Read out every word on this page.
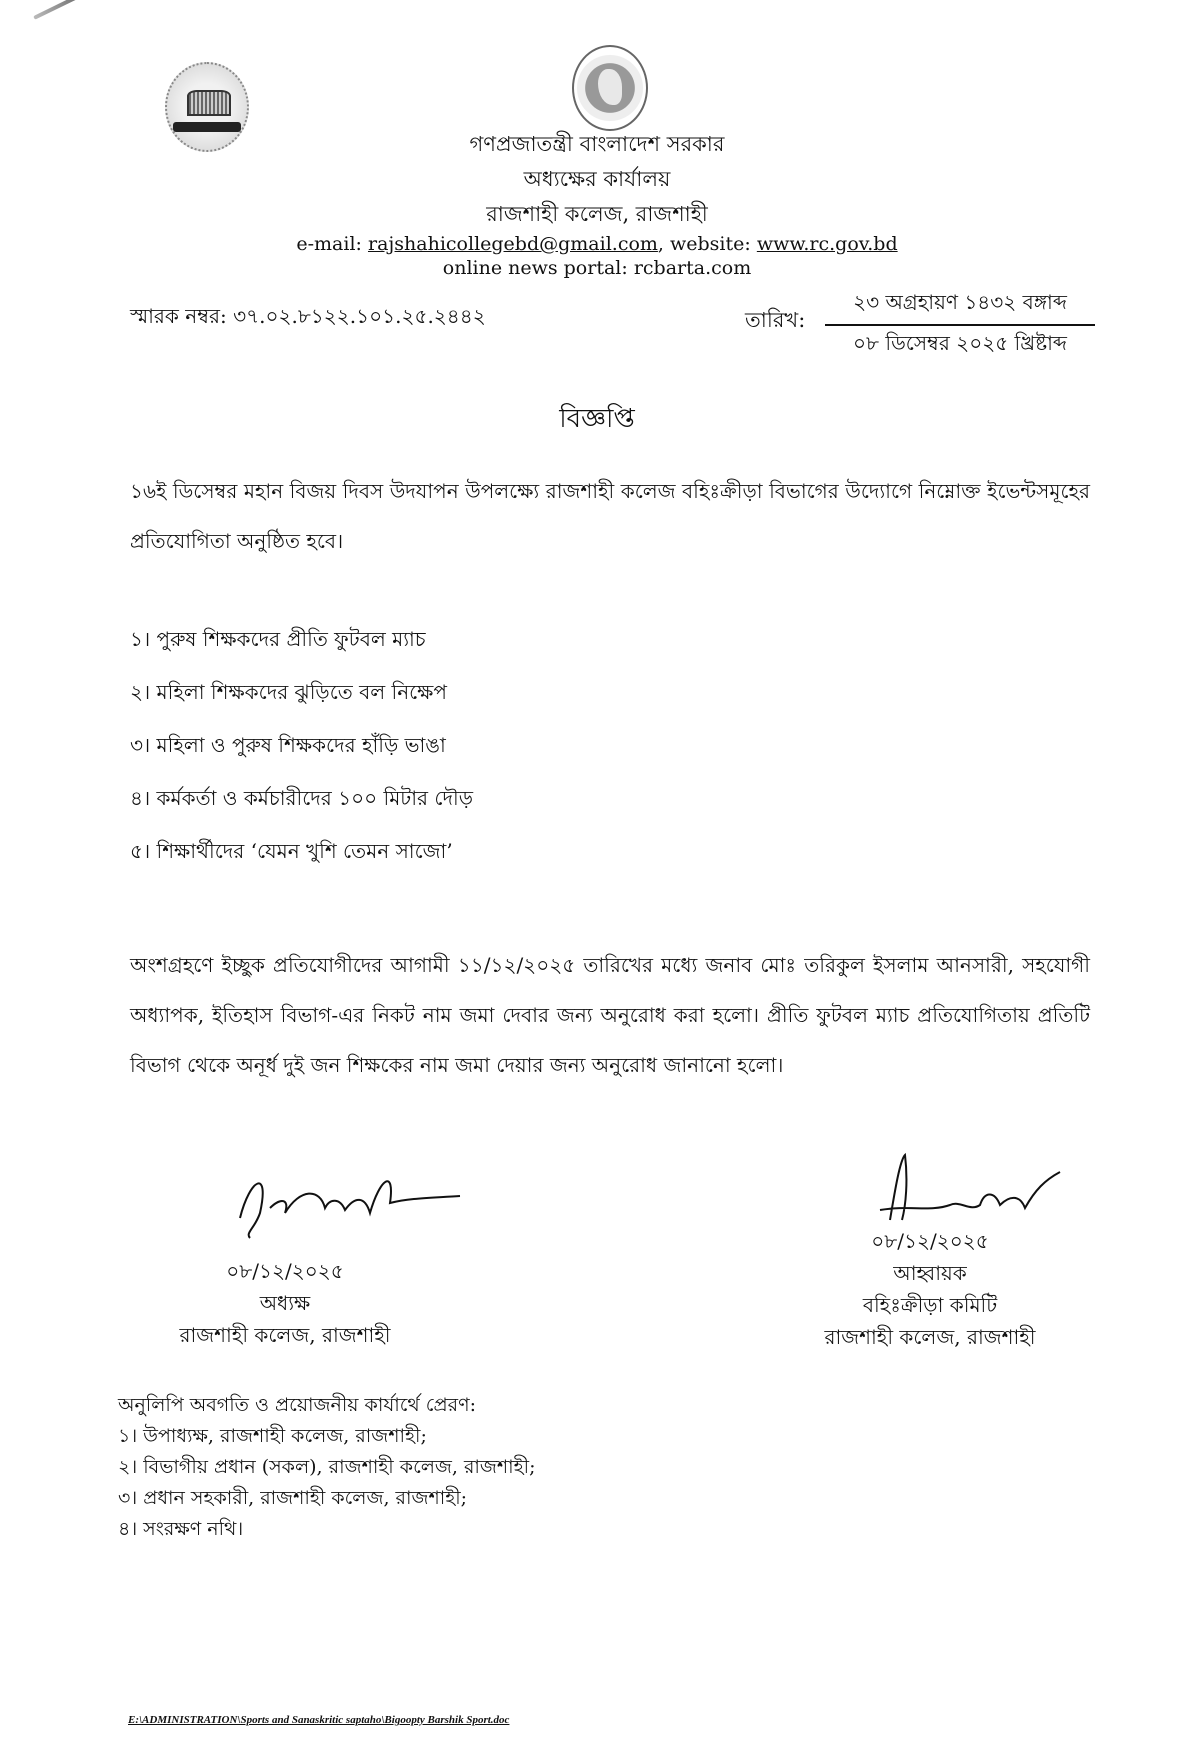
গণপ্রজাতন্ত্রী বাংলাদেশ সরকার
অধ্যক্ষের কার্যালয়
রাজশাহী কলেজ, রাজশাহী
e-mail: rajshahicollegebd@gmail.com, website: www.rc.gov.bd
online news portal: rcbarta.com
স্মারক নম্বর: ৩৭.০২.৮১২২.১০১.২৫.২৪৪২	তারিখ:
২৩ অগ্রহায়ণ ১৪৩২ বঙ্গাব্দ
০৮ ডিসেম্বর ২০২৫ খ্রিষ্টাব্দ
বিজ্ঞপ্তি
১৬ই ডিসেম্বর মহান বিজয় দিবস উদযাপন উপলক্ষ্যে রাজশাহী কলেজ বহিঃক্রীড়া বিভাগের উদ্যোগে নিম্নোক্ত ইভেন্টসমূহের প্রতিযোগিতা অনুষ্ঠিত হবে।
১। পুরুষ শিক্ষকদের প্রীতি ফুটবল ম্যাচ
২। মহিলা শিক্ষকদের ঝুড়িতে বল নিক্ষেপ
৩। মহিলা ও পুরুষ শিক্ষকদের হাঁড়ি ভাঙা
৪। কর্মকর্তা ও কর্মচারীদের ১০০ মিটার দৌড়
৫। শিক্ষার্থীদের ‘যেমন খুশি তেমন সাজো’
অংশগ্রহণে ইচ্ছুক প্রতিযোগীদের আগামী ১১/১২/২০২৫ তারিখের মধ্যে জনাব মোঃ তরিকুল ইসলাম আনসারী, সহযোগী অধ্যাপক, ইতিহাস বিভাগ-এর নিকট নাম জমা দেবার জন্য অনুরোধ করা হলো। প্রীতি ফুটবল ম্যাচ প্রতিযোগিতায় প্রতিটি বিভাগ থেকে অনূর্ধ দুই জন শিক্ষকের নাম জমা দেয়ার জন্য অনুরোধ জানানো হলো।
০৮/১২/২০২৫
অধ্যক্ষ
রাজশাহী কলেজ, রাজশাহী
০৮/১২/২০২৫
আহ্বায়ক
বহিঃক্রীড়া কমিটি
রাজশাহী কলেজ, রাজশাহী
অনুলিপি অবগতি ও প্রয়োজনীয় কার্যার্থে প্রেরণ:
১। উপাধ্যক্ষ, রাজশাহী কলেজ, রাজশাহী;
২। বিভাগীয় প্রধান (সকল), রাজশাহী কলেজ, রাজশাহী;
৩। প্রধান সহকারী, রাজশাহী কলেজ, রাজশাহী;
৪। সংরক্ষণ নথি।
E:\ADMINISTRATION\Sports and Sanaskritic saptaho\Bigoopty Barshik Sport.doc
